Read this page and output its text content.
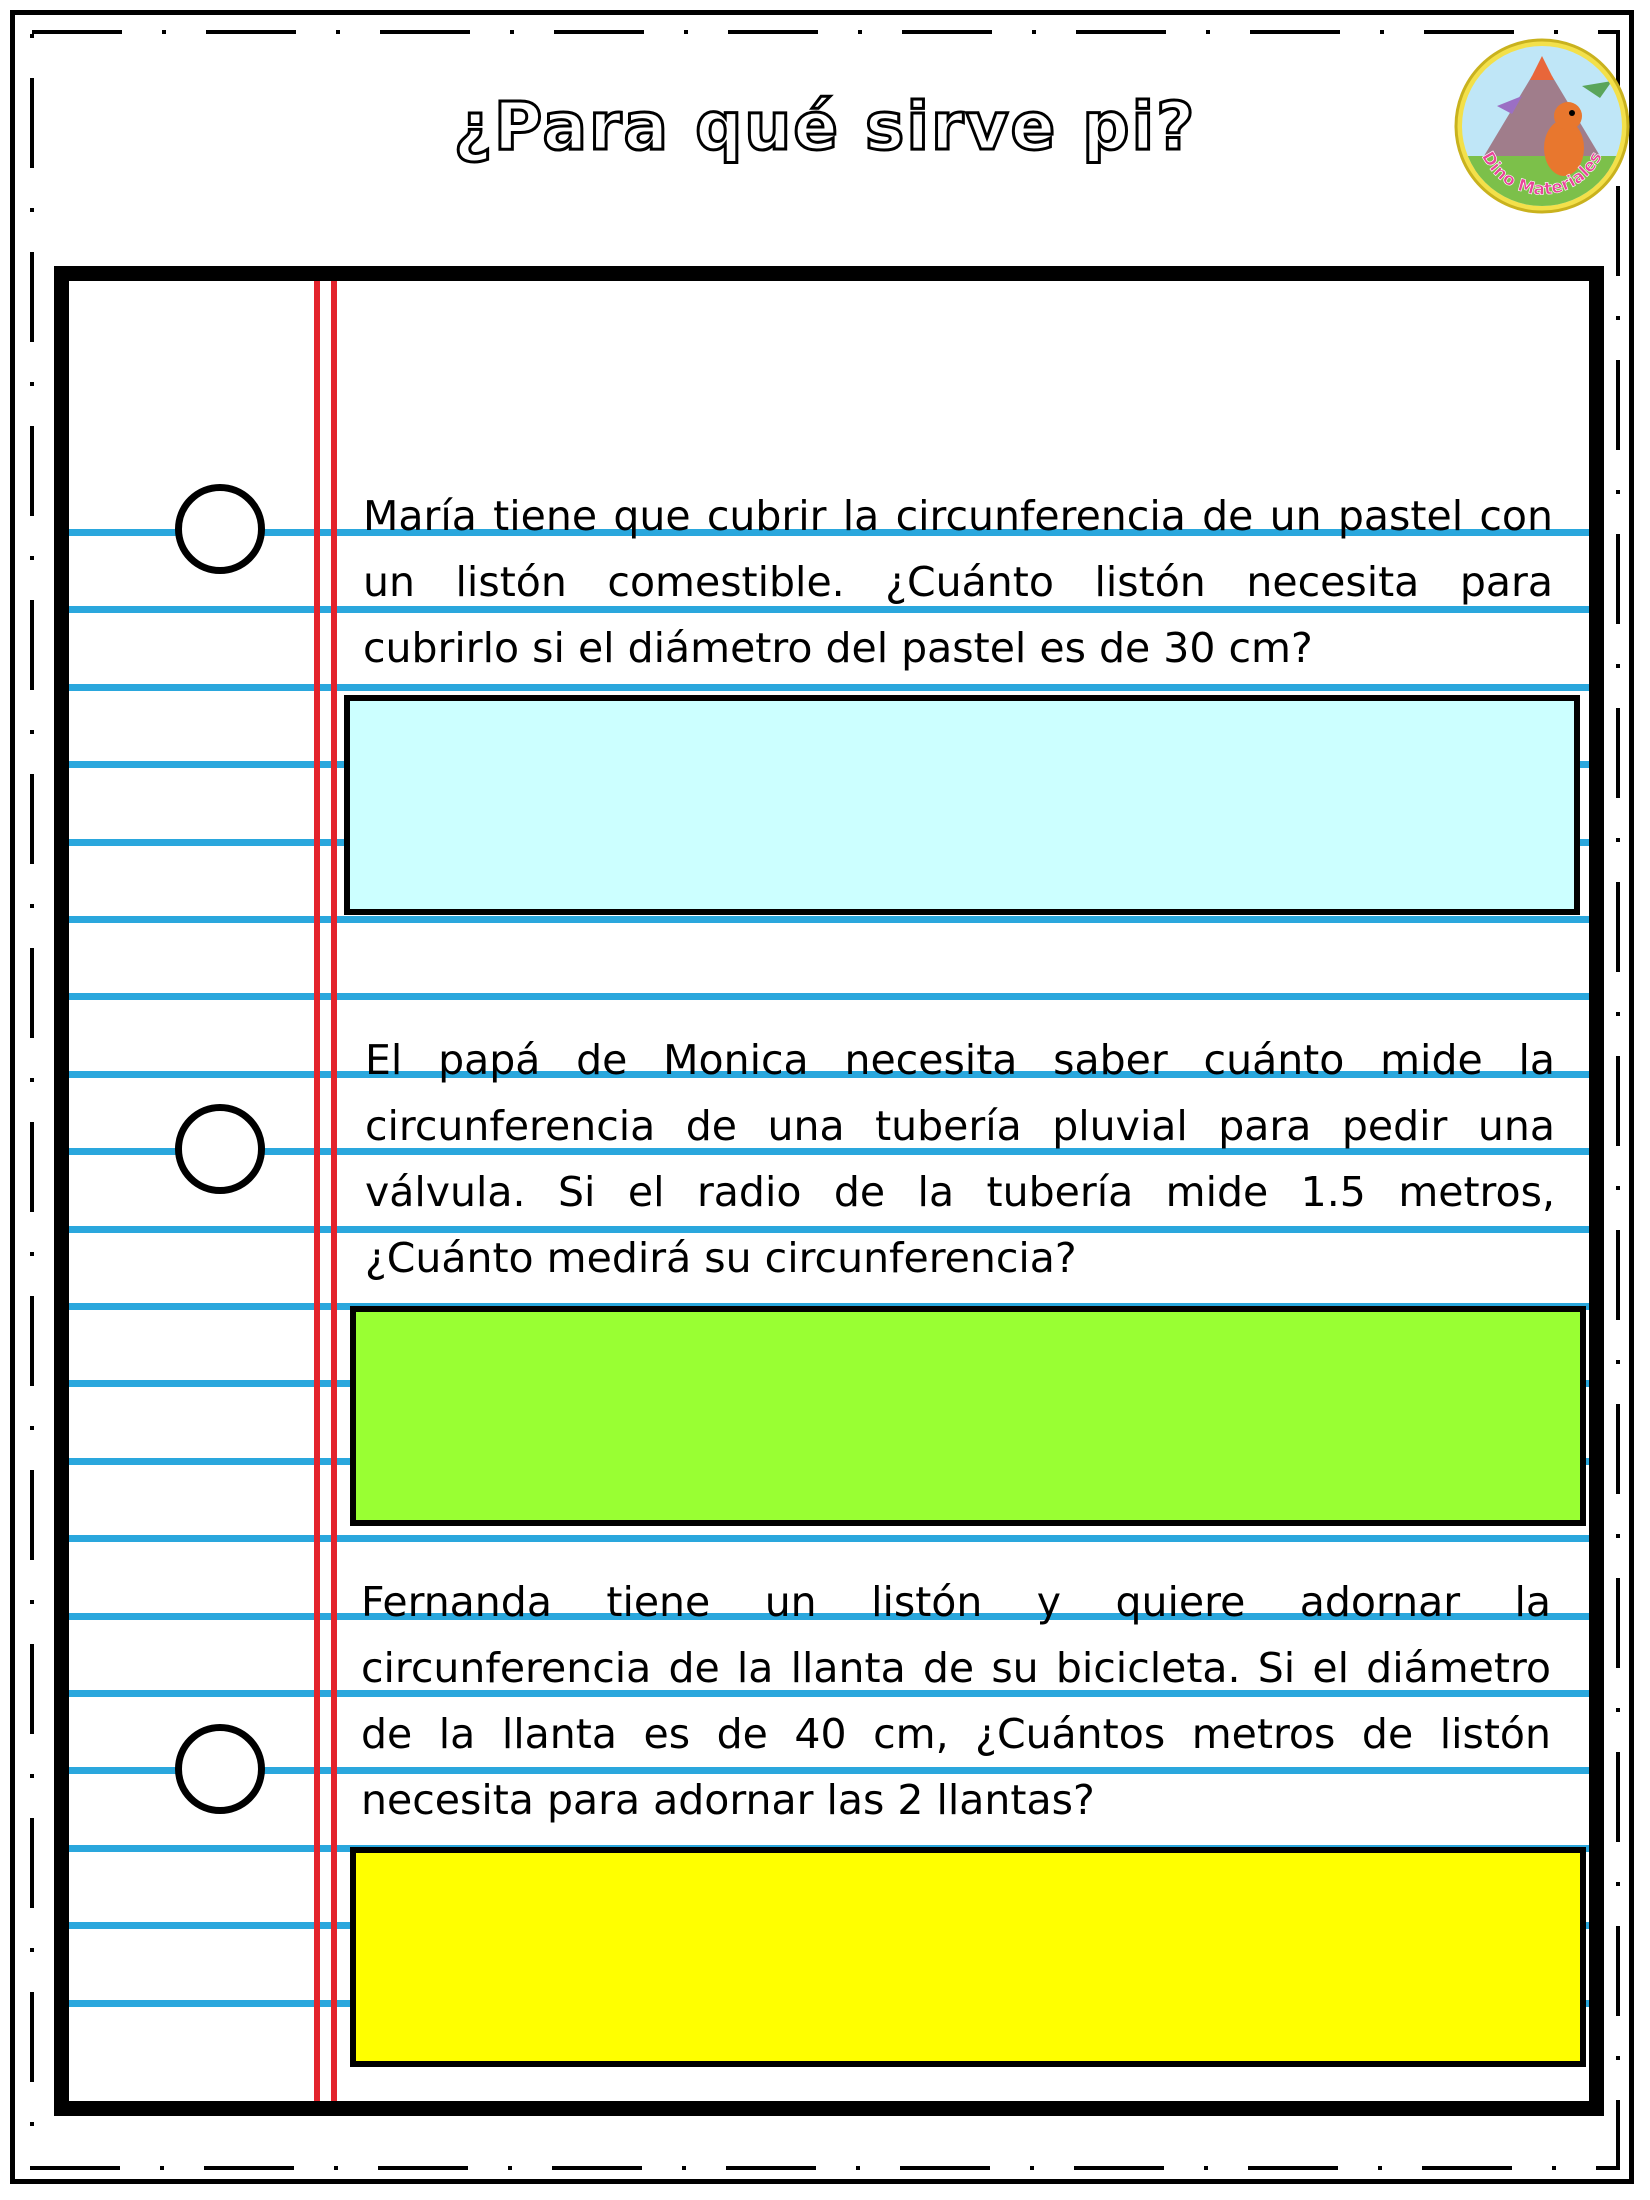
¿Para qué sirve pi?	Dino Materiales

María tiene que cubrir la circunferencia de un pastel con un listón comestible. ¿Cuánto listón necesita para cubrirlo si el diámetro del pastel es de 30 cm?

El papá de Monica necesita saber cuánto mide la circunferencia de una tubería pluvial para pedir una válvula. Si el radio de la tubería mide 1.5 metros, ¿Cuánto medirá su circunferencia?

Fernanda tiene un listón y quiere adornar la circunferencia de la llanta de su bicicleta. Si el diámetro de la llanta es de 40 cm, ¿Cuántos metros de listón necesita para adornar las 2 llantas?
